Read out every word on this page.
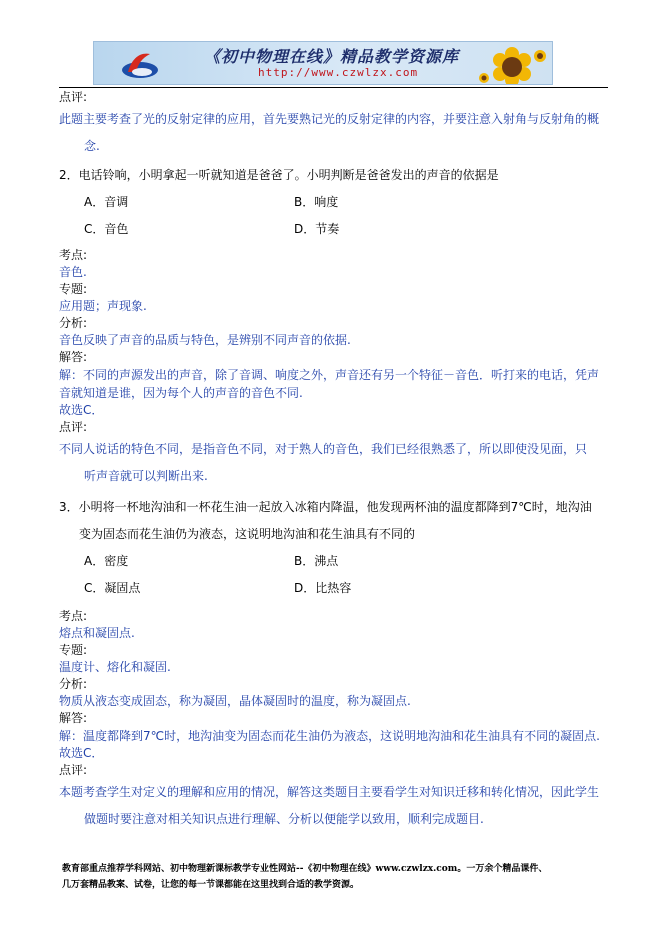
《初中物理在线》精品教学资源库
http://www.czwlzx.com
点评:
此题主要考查了光的反射定律的应用，首先要熟记光的反射定律的内容，并要注意入射角与反射角的概
念.
2．电话铃响，小明拿起一听就知道是爸爸了。小明判断是爸爸发出的声音的依据是
A．音调	B．响度
C．音色	D．节奏
考点:
音色.
专题:
应用题；声现象.
分析:
音色反映了声音的品质与特色，是辨别不同声音的依据.
解答:
解：不同的声源发出的声音，除了音调、响度之外，声音还有另一个特征－音色．听打来的电话，凭声
音就知道是谁，因为每个人的声音的音色不同.
故选C．
点评:
不同人说话的特色不同，是指音色不同，对于熟人的音色，我们已经很熟悉了，所以即使没见面，只
听声音就可以判断出来.
3．小明将一杯地沟油和一杯花生油一起放入冰箱内降温，他发现两杯油的温度都降到7℃时，地沟油
变为固态而花生油仍为液态，这说明地沟油和花生油具有不同的
A．密度	B．沸点
C．凝固点	D．比热容
考点:
熔点和凝固点.
专题:
温度计、熔化和凝固.
分析:
物质从液态变成固态，称为凝固，晶体凝固时的温度，称为凝固点.
解答:
解：温度都降到7℃时，地沟油变为固态而花生油仍为液态，这说明地沟油和花生油具有不同的凝固点.
故选C．
点评:
本题考查学生对定义的理解和应用的情况，解答这类题目主要看学生对知识迁移和转化情况，因此学生
做题时要注意对相关知识点进行理解、分析以便能学以致用，顺利完成题目.
教育部重点推荐学科网站、初中物理新课标教学专业性网站--《初中物理在线》www.czwlzx.com。一万余个精品课件、
几万套精品教案、试卷，让您的每一节课都能在这里找到合适的教学资源。
